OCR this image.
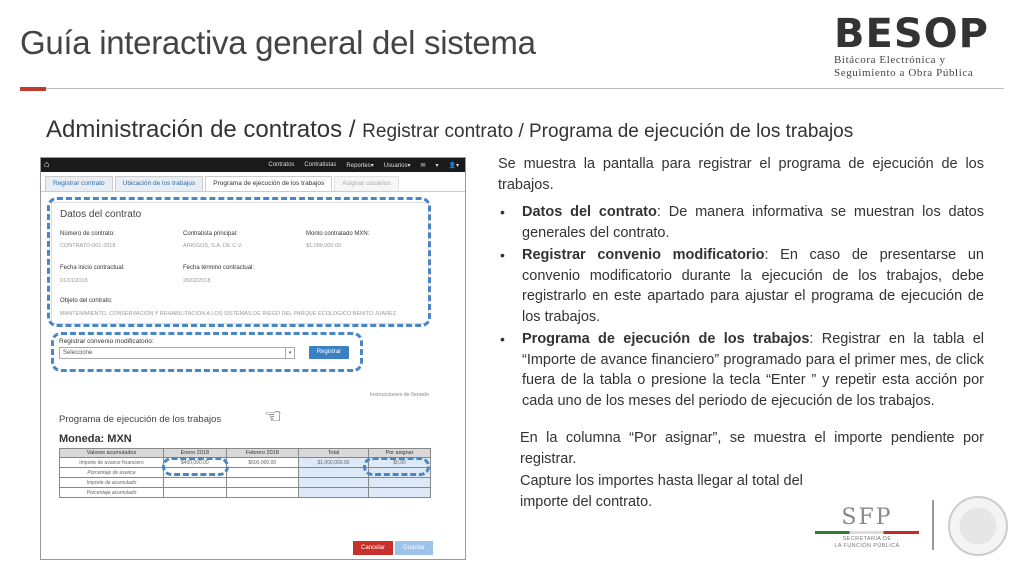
Guía interactiva general del sistema	BESOP
Bitácora Electrónica y
Seguimiento a Obra Pública
Administración de contratos / Registrar contrato / Programa de ejecución de los trabajos
⌂	Contratos Contratistas Reportes▾ Usuarios▾ ✉ ▾ 👤▾
Registrar contrato	Ubicación de los trabajos	Programa de ejecución de los trabajos	Asignar usuarios
Datos del contrato
Número de contrato:
CONTRATO-001-2018
Contratista principal:
ARKIGOS, S.A. DE C.V.
Monto contratado MXN:
$1,000,000.00
Fecha inicio contractual:
01/01/2018
Fecha término contractual:
28/02/2018
Objeto del contrato:
MANTENIMIENTO, CONSERVACIÓN Y REHABILITACIÓN A LOS SISTEMAS DE RIEGO DEL PARQUE ECOLÓGICO BENITO JUÁREZ.
Registrar convenio modificatorio:
Seleccione	▾	Registrar
Instrucciones de llenado
Programa de ejecución de los trabajos ☜
Moneda: MXN
Valores acumulados	Enero 2018	Febrero 2018	Total	Por asignar
Importe de avance financiero	$400,000.00	$600,000.00	$1,000,000.00	$0.00
Porcentaje de avance				
Importe de acumulado				
Porcentaje acumulado				
Cancelar	Guardar

Se muestra la pantalla para registrar el programa de ejecución de los trabajos.

• Datos del contrato: De manera informativa se muestran los datos generales del contrato.
• Registrar convenio modificatorio: En caso de presentarse un convenio modificatorio durante la ejecución de los trabajos, debe registrarlo en este apartado para ajustar el programa de ejecución de los trabajos.
• Programa de ejecución de los trabajos: Registrar en la tabla el “Importe de avance financiero” programado para el primer mes, de click fuera de la tabla o presione la tecla “Enter ” y repetir esta acción por cada uno de los meses del periodo de ejecución de los trabajos.
En la columna “Por asignar”, se muestra el importe pendiente por registrar.
Capture los importes hasta llegar al total del importe del contrato.
SFP
SECRETARÍA DE
LA FUNCIÓN PÚBLICA
